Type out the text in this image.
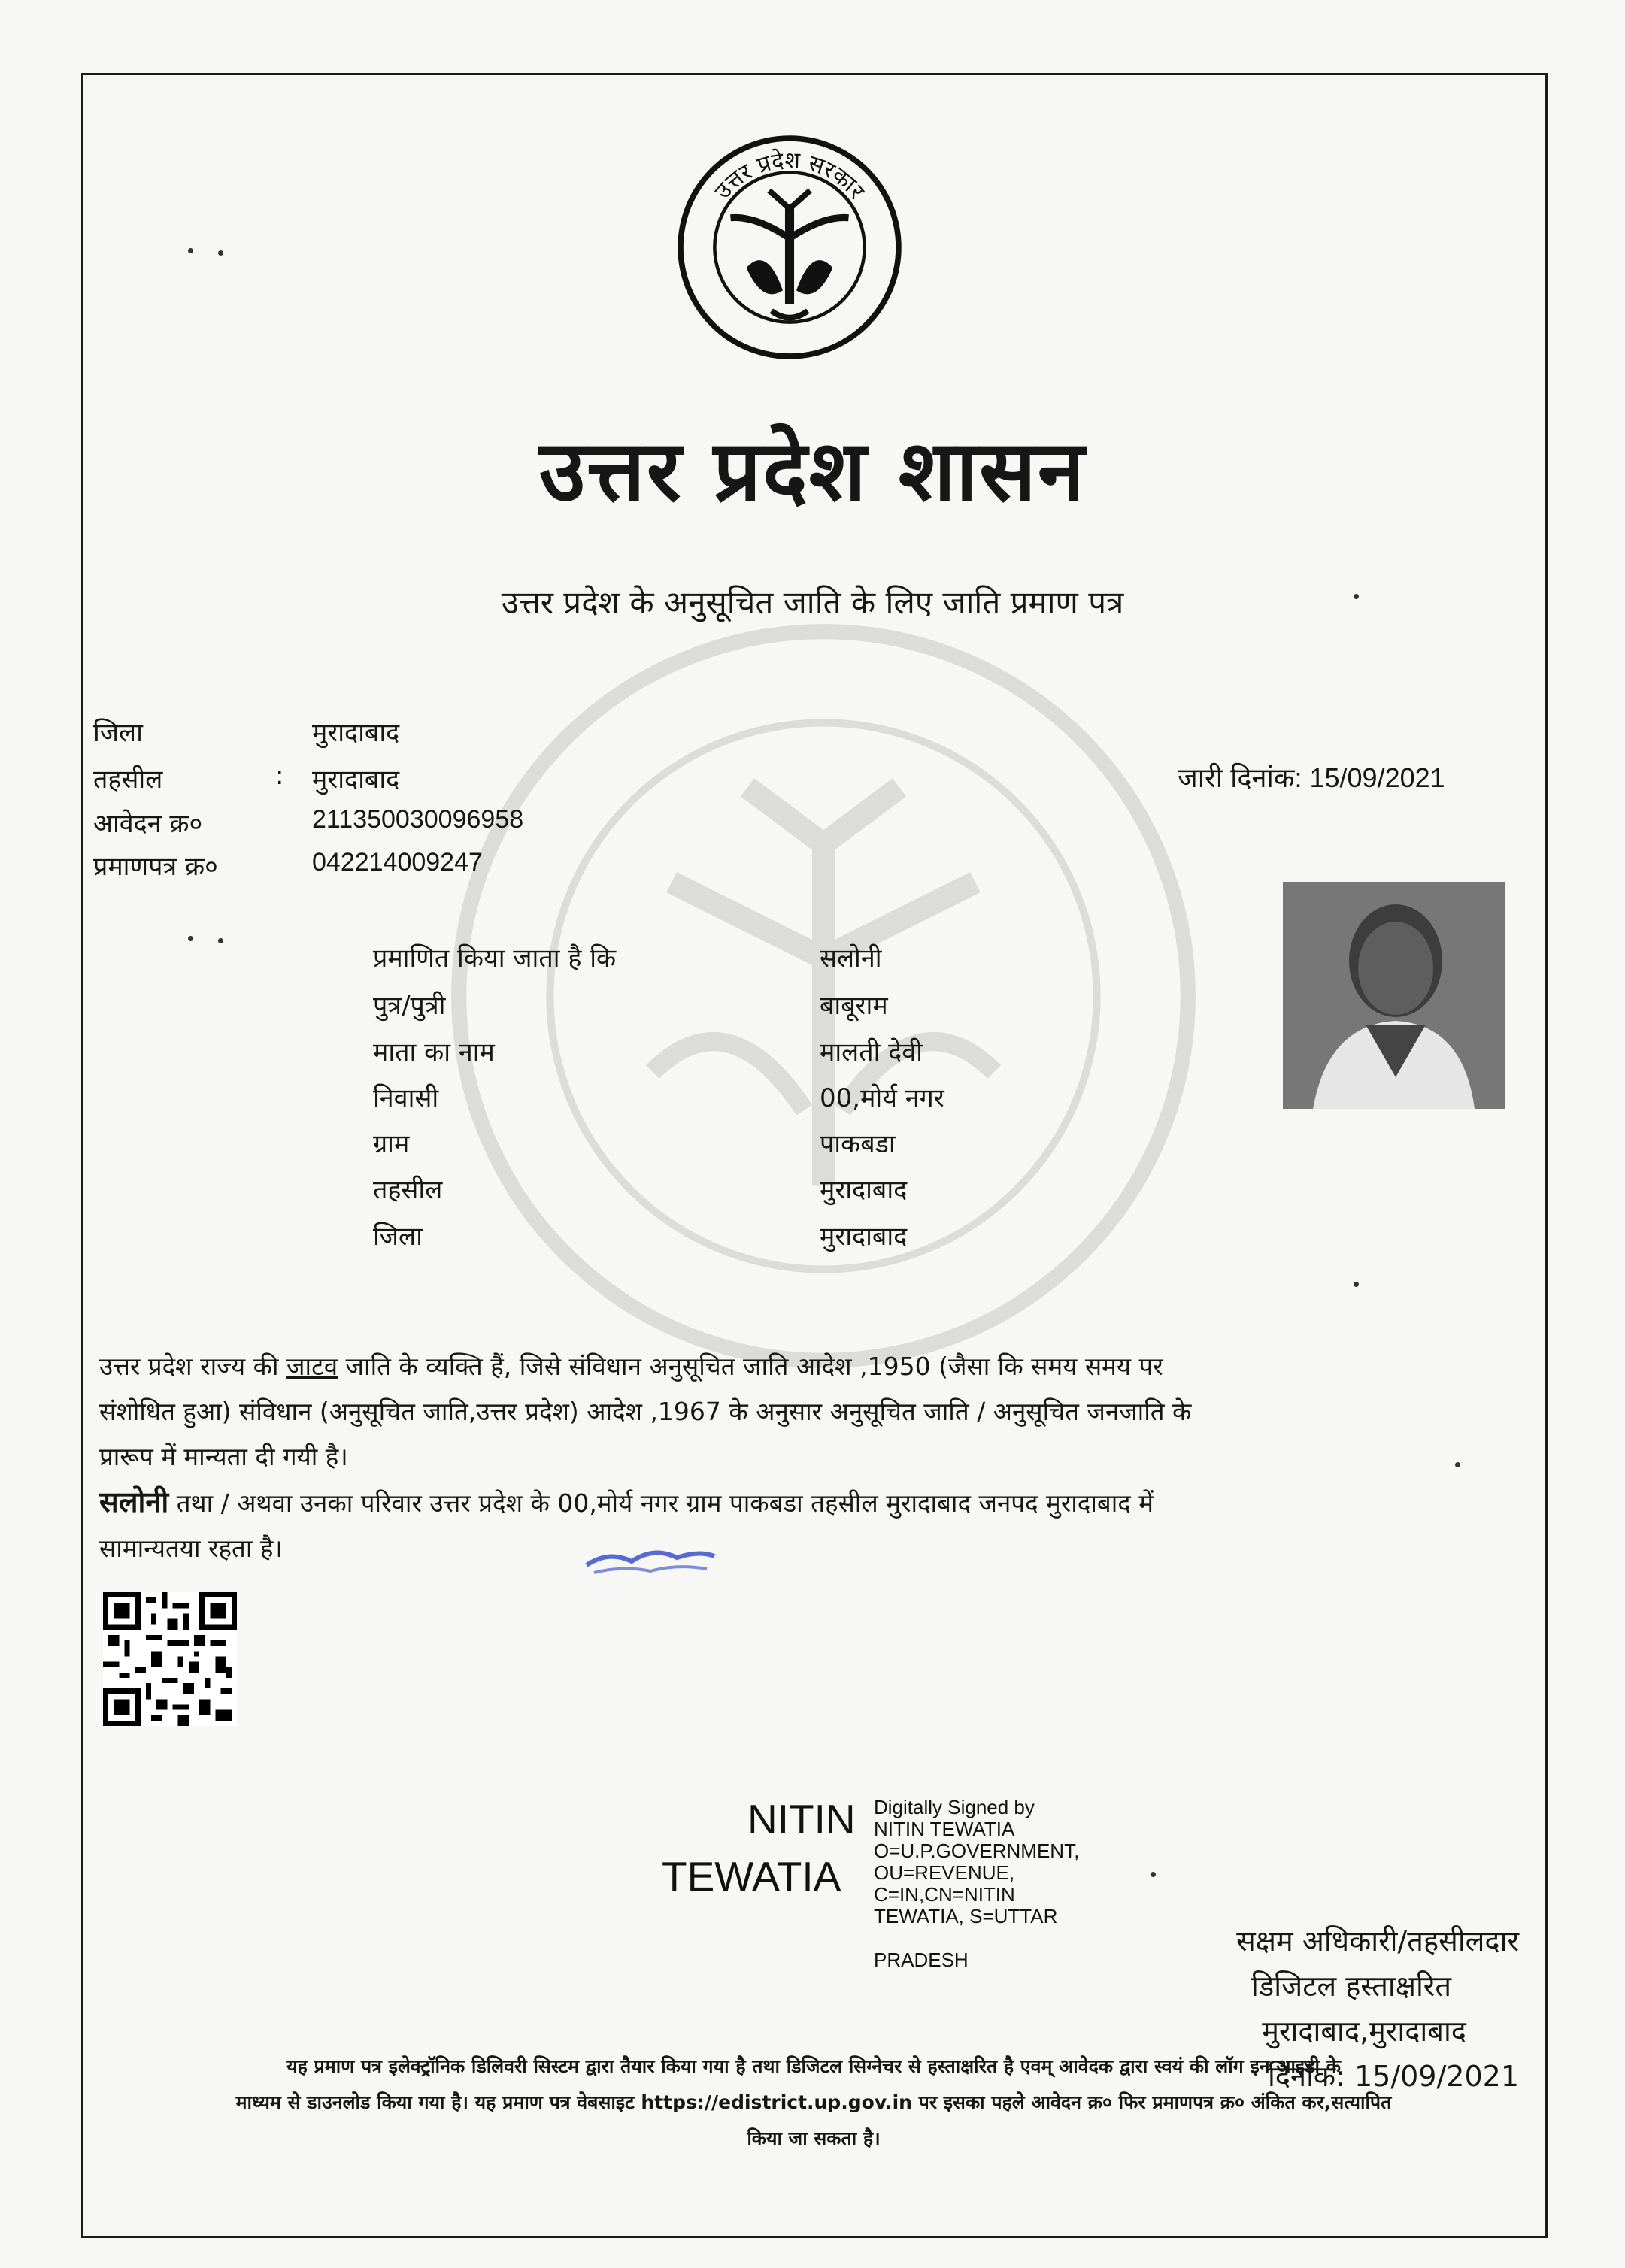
उत्तर प्रदेश सरकार
उत्तर प्रदेश शासन
उत्तर प्रदेश के अनुसूचित जाति के लिए जाति प्रमाण पत्र
जिला	मुरादाबाद
तहसील	: मुरादाबाद
आवेदन क्र०	211350030096958
प्रमाणपत्र क्र०	042214009247
जारी दिनांक: 15/09/2021
प्रमाणित किया जाता है कि	सलोनी
पुत्र/पुत्री	बाबूराम
माता का नाम	मालती देवी
निवासी	00,मोर्य नगर
ग्राम	पाकबडा
तहसील	मुरादाबाद
जिला	मुरादाबाद
उत्तर प्रदेश राज्य की जाटव जाति के व्यक्ति हैं, जिसे संविधान अनुसूचित जाति आदेश ,1950 (जैसा कि समय समय पर
संशोधित हुआ) संविधान (अनुसूचित जाति,उत्तर प्रदेश) आदेश ,1967 के अनुसार अनुसूचित जाति / अनुसूचित जनजाति के
प्रारूप में मान्यता दी गयी है।
सलोनी तथा / अथवा उनका परिवार उत्तर प्रदेश के 00,मोर्य नगर ग्राम पाकबडा तहसील मुरादाबाद जनपद मुरादाबाद में
सामान्यतया रहता है।
NITIN
TEWATIA
Digitally Signed by
NITIN TEWATIA
O=U.P.GOVERNMENT,
OU=REVENUE,
C=IN,CN=NITIN
TEWATIA, S=UTTAR
PRADESH
सक्षम अधिकारी/तहसीलदार
डिजिटल हस्ताक्षरित
मुरादाबाद,मुरादाबाद
दिनाँक: 15/09/2021
यह प्रमाण पत्र इलेक्ट्रॉनिक डिलिवरी सिस्टम द्वारा तैयार किया गया है तथा डिजिटल सिग्नेचर से हस्ताक्षरित है एवम् आवेदक द्वारा स्वयं की लॉग इन आइडी के
माध्यम से डाउनलोड किया गया है। यह प्रमाण पत्र वेबसाइट https://edistrict.up.gov.in पर इसका पहले आवेदन क्र० फिर प्रमाणपत्र क्र० अंकित कर,सत्यापित
किया जा सकता है।
